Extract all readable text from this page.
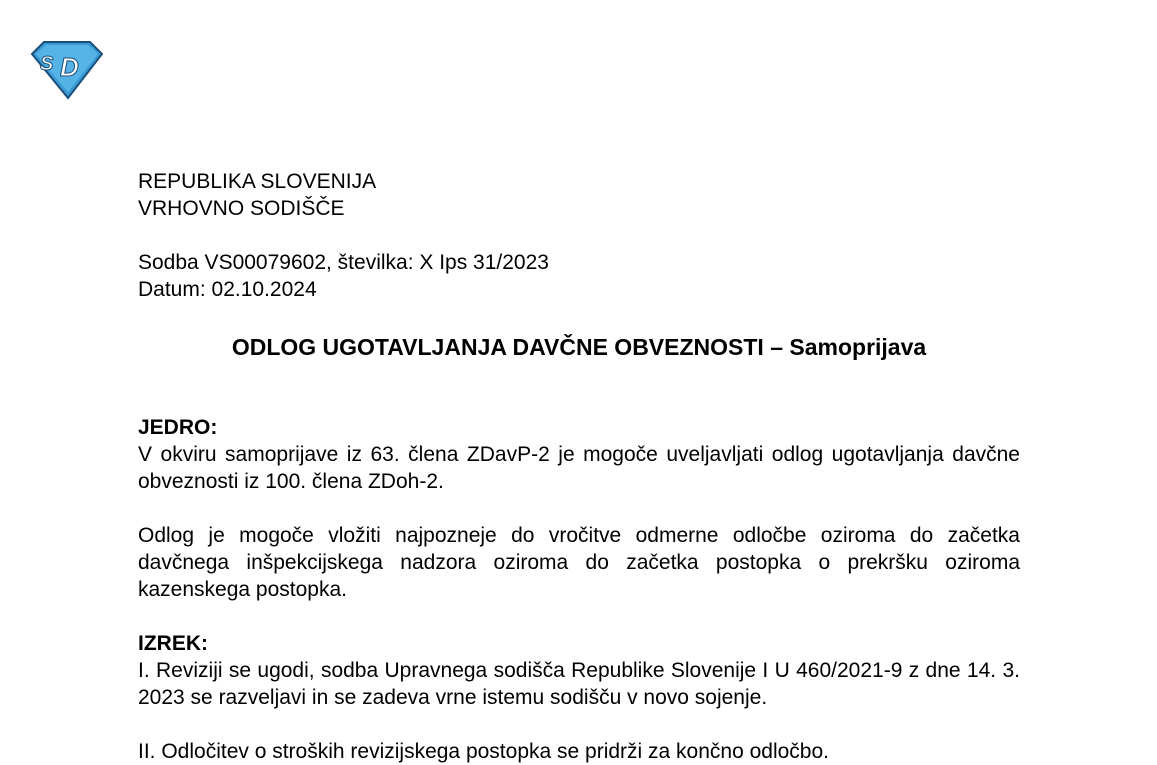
S D
REPUBLIKA SLOVENIJA
VRHOVNO SODIŠČE
Sodba VS00079602, številka: X Ips 31/2023
Datum: 02.10.2024
ODLOG UGOTAVLJANJA DAVČNE OBVEZNOSTI – Samoprijava
JEDRO:
V okviru samoprijave iz 63. člena ZDavP-2 je mogoče uveljavljati odlog ugotavljanja davčne obveznosti iz 100. člena ZDoh-2.
Odlog je mogoče vložiti najpozneje do vročitve odmerne odločbe oziroma do začetka davčnega inšpekcijskega nadzora oziroma do začetka postopka o prekršku oziroma kazenskega postopka.
IZREK:
I. Reviziji se ugodi, sodba Upravnega sodišča Republike Slovenije I U 460/2021-9 z dne 14. 3. 2023 se razveljavi in se zadeva vrne istemu sodišču v novo sojenje.
II. Odločitev o stroških revizijskega postopka se pridrži za končno odločbo.
